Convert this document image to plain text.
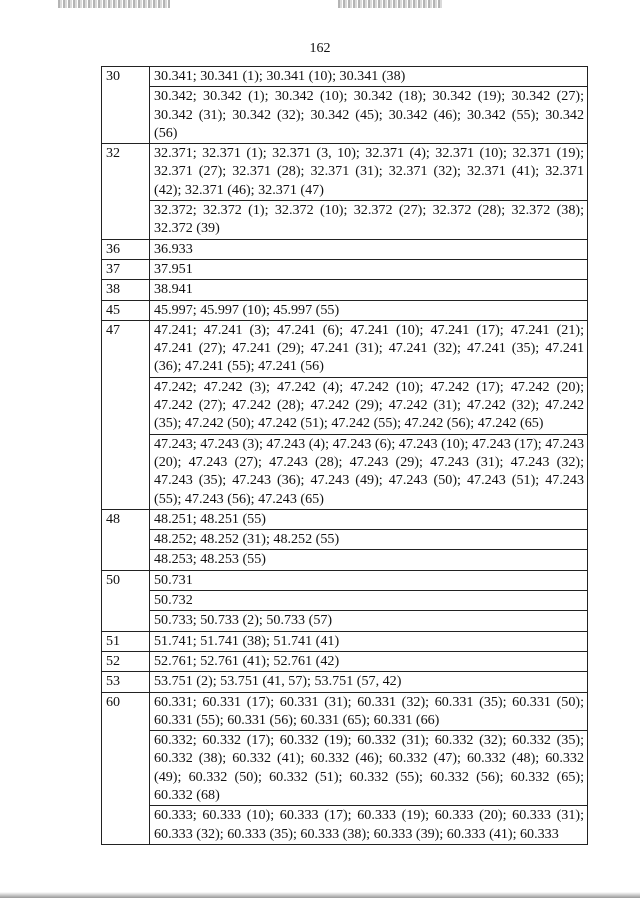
162
30	30.341; 30.341 (1); 30.341 (10); 30.341 (38)
	30.342; 30.342 (1); 30.342 (10); 30.342 (18); 30.342 (19); 30.342 (27); 30.342 (31); 30.342 (32); 30.342 (45); 30.342 (46); 30.342 (55); 30.342 (56)
32	32.371; 32.371 (1); 32.371 (3, 10); 32.371 (4); 32.371 (10); 32.371 (19); 32.371 (27); 32.371 (28); 32.371 (31); 32.371 (32); 32.371 (41); 32.371 (42); 32.371 (46); 32.371 (47)
	32.372; 32.372 (1); 32.372 (10); 32.372 (27); 32.372 (28); 32.372 (38); 32.372 (39)
36	36.933
37	37.951
38	38.941
45	45.997; 45.997 (10); 45.997 (55)
47	47.241; 47.241 (3); 47.241 (6); 47.241 (10); 47.241 (17); 47.241 (21); 47.241 (27); 47.241 (29); 47.241 (31); 47.241 (32); 47.241 (35); 47.241 (36); 47.241 (55); 47.241 (56)
	47.242; 47.242 (3); 47.242 (4); 47.242 (10); 47.242 (17); 47.242 (20); 47.242 (27); 47.242 (28); 47.242 (29); 47.242 (31); 47.242 (32); 47.242 (35); 47.242 (50); 47.242 (51); 47.242 (55); 47.242 (56); 47.242 (65)
	47.243; 47.243 (3); 47.243 (4); 47.243 (6); 47.243 (10); 47.243 (17); 47.243 (20); 47.243 (27); 47.243 (28); 47.243 (29); 47.243 (31); 47.243 (32); 47.243 (35); 47.243 (36); 47.243 (49); 47.243 (50); 47.243 (51); 47.243 (55); 47.243 (56); 47.243 (65)
48	48.251; 48.251 (55)
	48.252; 48.252 (31); 48.252 (55)
	48.253; 48.253 (55)
50	50.731
	50.732
	50.733; 50.733 (2); 50.733 (57)
51	51.741; 51.741 (38); 51.741 (41)
52	52.761; 52.761 (41); 52.761 (42)
53	53.751 (2); 53.751 (41, 57); 53.751 (57, 42)
60	60.331; 60.331 (17); 60.331 (31); 60.331 (32); 60.331 (35); 60.331 (50); 60.331 (55); 60.331 (56); 60.331 (65); 60.331 (66)
	60.332; 60.332 (17); 60.332 (19); 60.332 (31); 60.332 (32); 60.332 (35); 60.332 (38); 60.332 (41); 60.332 (46); 60.332 (47); 60.332 (48); 60.332 (49); 60.332 (50); 60.332 (51); 60.332 (55); 60.332 (56); 60.332 (65); 60.332 (68)
	60.333; 60.333 (10); 60.333 (17); 60.333 (19); 60.333 (20); 60.333 (31); 60.333 (32); 60.333 (35); 60.333 (38); 60.333 (39); 60.333 (41); 60.333
